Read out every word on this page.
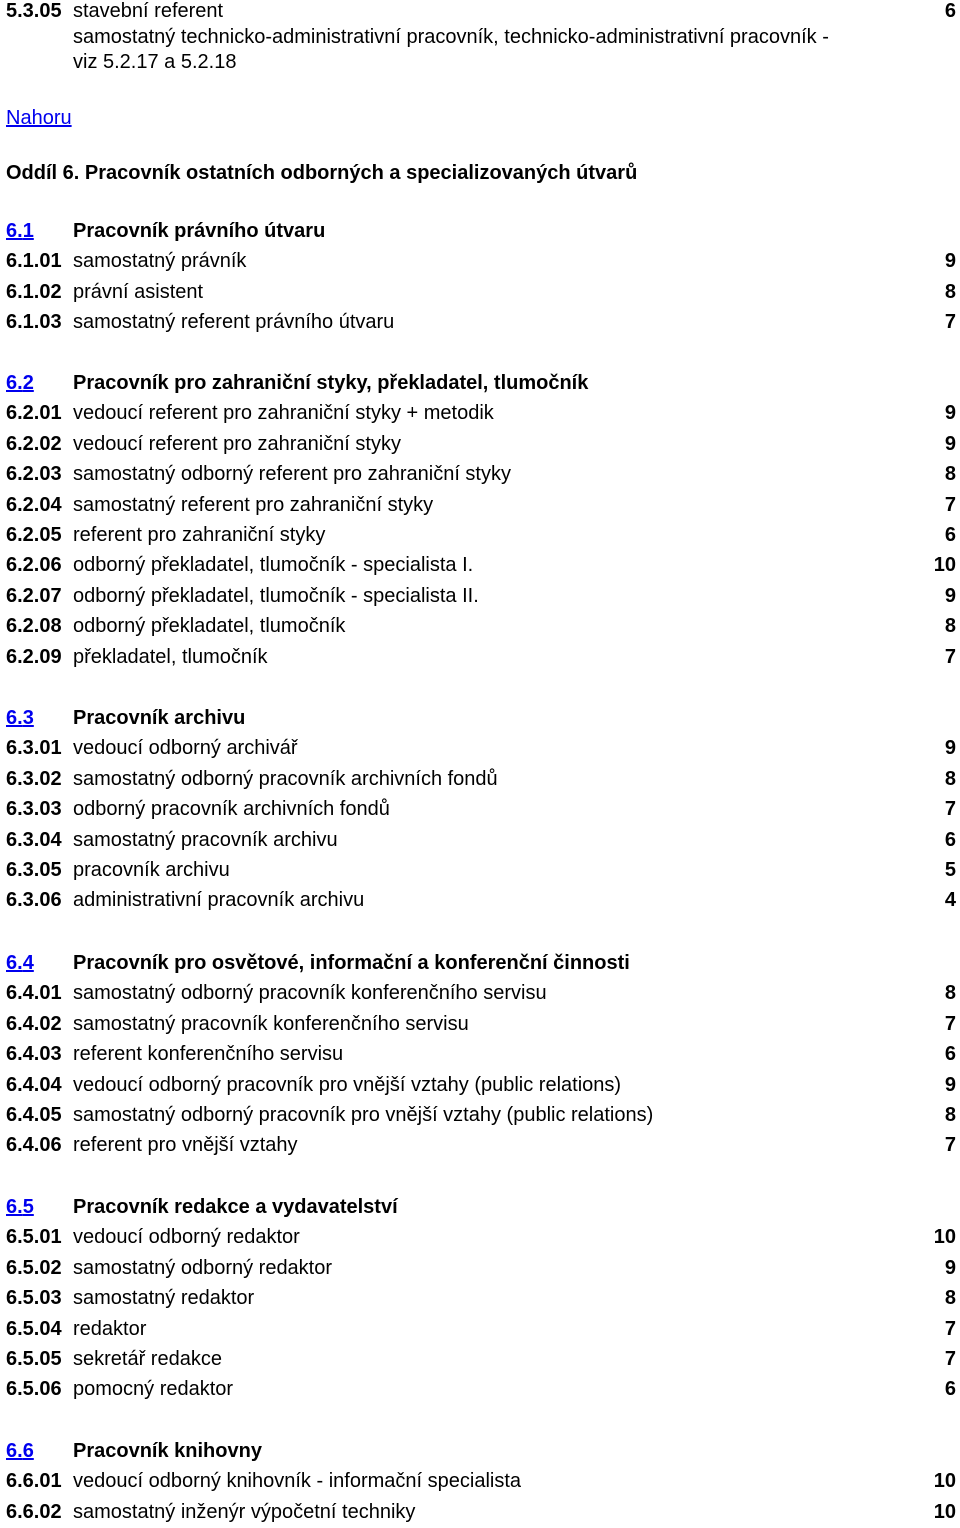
5.3.05 stavební referent	6
samostatný technicko-administrativní pracovník, technicko-administrativní pracovník -
viz 5.2.17 a 5.2.18
Nahoru
Oddíl 6. Pracovník ostatních odborných a specializovaných útvarů
6.1 Pracovník právního útvaru
6.1.01 samostatný právník	9
6.1.02 právní asistent	8
6.1.03 samostatný referent právního útvaru	7
6.2 Pracovník pro zahraniční styky, překladatel, tlumočník
6.2.01 vedoucí referent pro zahraniční styky + metodik	9
6.2.02 vedoucí referent pro zahraniční styky	9
6.2.03 samostatný odborný referent pro zahraniční styky	8
6.2.04 samostatný referent pro zahraniční styky	7
6.2.05 referent pro zahraniční styky	6
6.2.06 odborný překladatel, tlumočník - specialista I.	10
6.2.07 odborný překladatel, tlumočník - specialista II.	9
6.2.08 odborný překladatel, tlumočník	8
6.2.09 překladatel, tlumočník	7
6.3 Pracovník archivu
6.3.01 vedoucí odborný archivář	9
6.3.02 samostatný odborný pracovník archivních fondů	8
6.3.03 odborný pracovník archivních fondů	7
6.3.04 samostatný pracovník archivu	6
6.3.05 pracovník archivu	5
6.3.06 administrativní pracovník archivu	4
6.4 Pracovník pro osvětové, informační a konferenční činnosti
6.4.01 samostatný odborný pracovník konferenčního servisu	8
6.4.02 samostatný pracovník konferenčního servisu	7
6.4.03 referent konferenčního servisu	6
6.4.04 vedoucí odborný pracovník pro vnější vztahy (public relations)	9
6.4.05 samostatný odborný pracovník pro vnější vztahy (public relations)	8
6.4.06 referent pro vnější vztahy	7
6.5 Pracovník redakce a vydavatelství
6.5.01 vedoucí odborný redaktor	10
6.5.02 samostatný odborný redaktor	9
6.5.03 samostatný redaktor	8
6.5.04 redaktor	7
6.5.05 sekretář redakce	7
6.5.06 pomocný redaktor	6
6.6 Pracovník knihovny
6.6.01 vedoucí odborný knihovník - informační specialista	10
6.6.02 samostatný inženýr výpočetní techniky	10
